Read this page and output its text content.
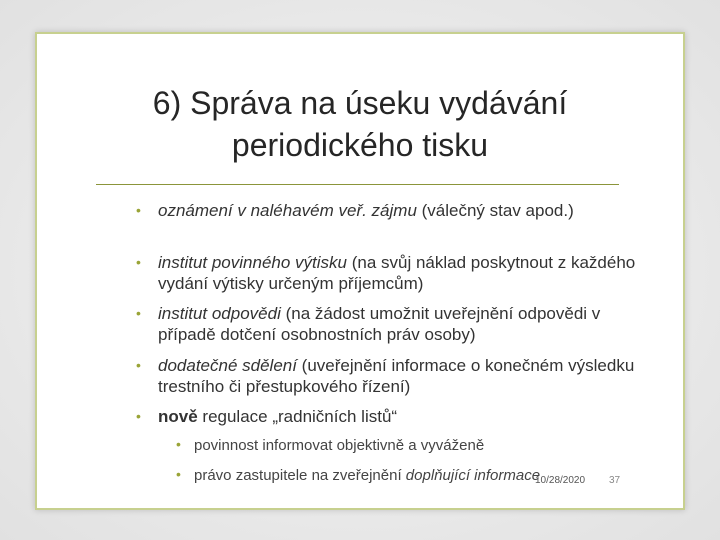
6) Správa na úseku vydávání
periodického tisku
•	oznámení v naléhavém veř. zájmu (válečný stav apod.)
•	institut povinného výtisku (na svůj náklad poskytnout z každého vydání výtisky určeným příjemcům)
•	institut odpovědi (na žádost umožnit uveřejnění odpovědi v případě dotčení osobnostních práv osoby)
•	dodatečné sdělení (uveřejnění informace o konečném výsledku trestního či přestupkového řízení)
•	nově regulace „radničních listů“
• povinnost informovat objektivně a vyváženě
• právo zastupitele na zveřejnění doplňující informace
10/28/2020 37
